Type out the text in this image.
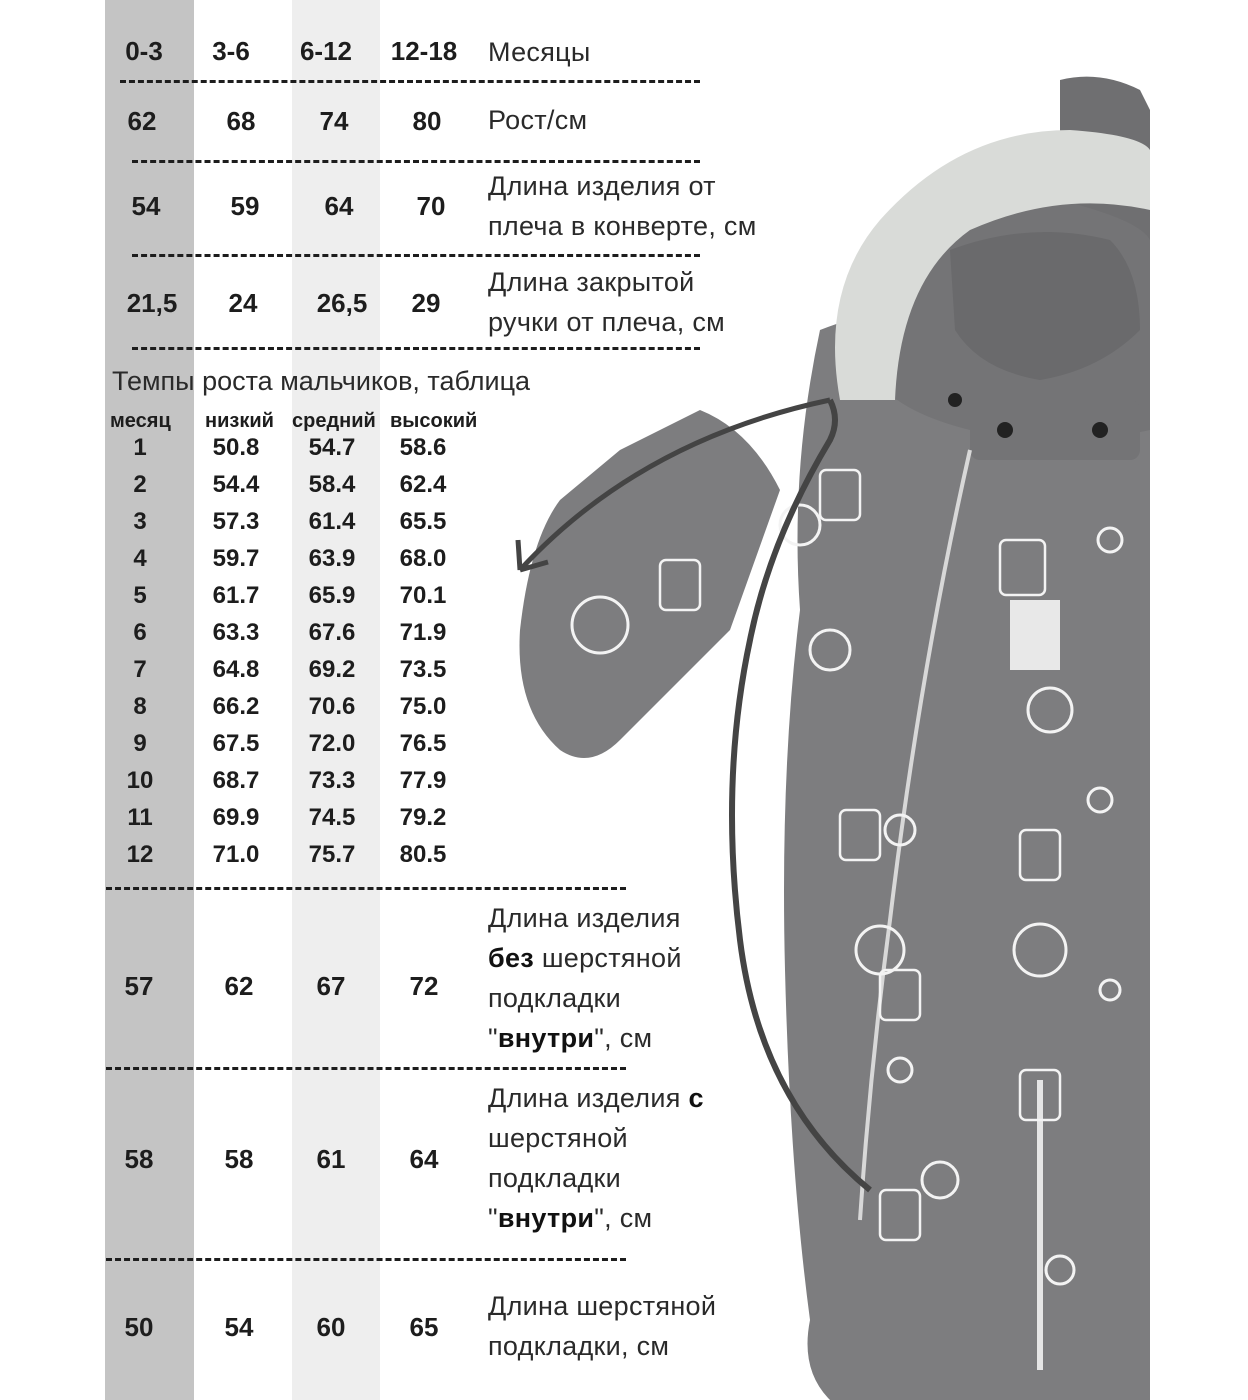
0-3	3-6	6-12	12-18 Месяцы
62	68	74	80	Рост/см
54	59	64	70
Длина изделия от
плеча в конверте, см
21,5	24	26,5	29
Длина закрытой
ручки от плеча, см
Темпы роста мальчиков, таблица
месяц низкий средний высокий
1	50.8	54.7	58.6
2	54.4	58.4	62.4
3	57.3	61.4	65.5
4	59.7	63.9	68.0
5	61.7	65.9	70.1
6	63.3	67.6	71.9
7	64.8	69.2	73.5
8	66.2	70.6	75.0
9	67.5	72.0	76.5
10	68.7	73.3	77.9
11	69.9	74.5	79.2
12	71.0	75.7	80.5
57	62	67	72
Длина изделия
без шерстяной
подкладки
"внутри", см
58	58	61	64
Длина изделия с
шерстяной
подкладки
"внутри", см
50	54	60	65
Длина шерстяной
подкладки, см
